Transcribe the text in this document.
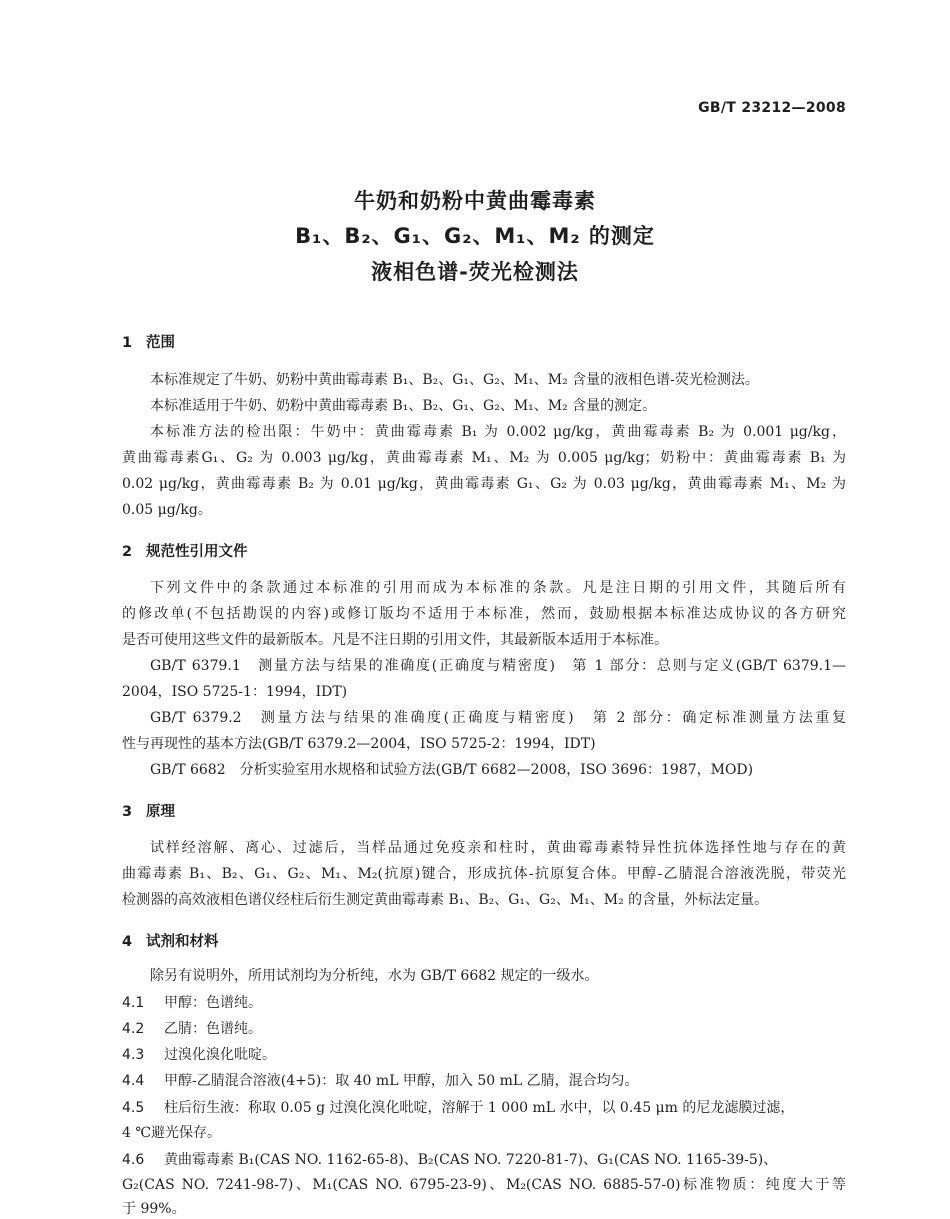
GB/T 23212—2008
牛奶和奶粉中黄曲霉毒素
B₁、B₂、G₁、G₂、M₁、M₂ 的测定
液相色谱-荧光检测法
1 范围
本标准规定了牛奶、奶粉中黄曲霉毒素 B₁、B₂、G₁、G₂、M₁、M₂ 含量的液相色谱-荧光检测法。
本标准适用于牛奶、奶粉中黄曲霉毒素 B₁、B₂、G₁、G₂、M₁、M₂ 含量的测定。
本标准方法的检出限：牛奶中：黄曲霉毒素 B₁ 为 0.002 μg/kg，黄曲霉毒素 B₂ 为 0.001 μg/kg，
黄曲霉毒素G₁、G₂ 为 0.003 μg/kg，黄曲霉毒素 M₁、M₂ 为 0.005 μg/kg；奶粉中：黄曲霉毒素 B₁ 为
0.02 μg/kg，黄曲霉毒素 B₂ 为 0.01 μg/kg，黄曲霉毒素 G₁、G₂ 为 0.03 μg/kg，黄曲霉毒素 M₁、M₂ 为
0.05 μg/kg。
2 规范性引用文件
下列文件中的条款通过本标准的引用而成为本标准的条款。凡是注日期的引用文件，其随后所有
的修改单(不包括勘误的内容)或修订版均不适用于本标准，然而，鼓励根据本标准达成协议的各方研究
是否可使用这些文件的最新版本。凡是不注日期的引用文件，其最新版本适用于本标准。
GB/T 6379.1　测量方法与结果的准确度(正确度与精密度)　第 1 部分：总则与定义(GB/T 6379.1—
2004，ISO 5725-1：1994，IDT)
GB/T 6379.2　测量方法与结果的准确度(正确度与精密度)　第 2 部分：确定标准测量方法重复
性与再现性的基本方法(GB/T 6379.2—2004，ISO 5725-2：1994，IDT)
GB/T 6682　分析实验室用水规格和试验方法(GB/T 6682—2008，ISO 3696：1987，MOD)
3 原理
试样经溶解、离心、过滤后，当样品通过免疫亲和柱时，黄曲霉毒素特异性抗体选择性地与存在的黄
曲霉毒素 B₁、B₂、G₁、G₂、M₁、M₂(抗原)键合，形成抗体-抗原复合体。甲醇-乙腈混合溶液洗脱，带荧光
检测器的高效液相色谱仪经柱后衍生测定黄曲霉毒素 B₁、B₂、G₁、G₂、M₁、M₂ 的含量，外标法定量。
4 试剂和材料
除另有说明外，所用试剂均为分析纯，水为 GB/T 6682 规定的一级水。
4.1 甲醇：色谱纯。
4.2 乙腈：色谱纯。
4.3 过溴化溴化吡啶。
4.4 甲醇-乙腈混合溶液(4+5)：取 40 mL 甲醇，加入 50 mL 乙腈，混合均匀。
4.5 柱后衍生液：称取 0.05 g 过溴化溴化吡啶，溶解于 1 000 mL 水中，以 0.45 μm 的尼龙滤膜过滤，
4 ℃避光保存。
4.6 黄曲霉毒素 B₁(CAS NO. 1162-65-8)、B₂(CAS NO. 7220-81-7)、G₁(CAS NO. 1165-39-5)、
G₂(CAS NO. 7241-98-7)、M₁(CAS NO. 6795-23-9)、M₂(CAS NO. 6885-57-0)标准物质：纯度大于等
于 99%。
